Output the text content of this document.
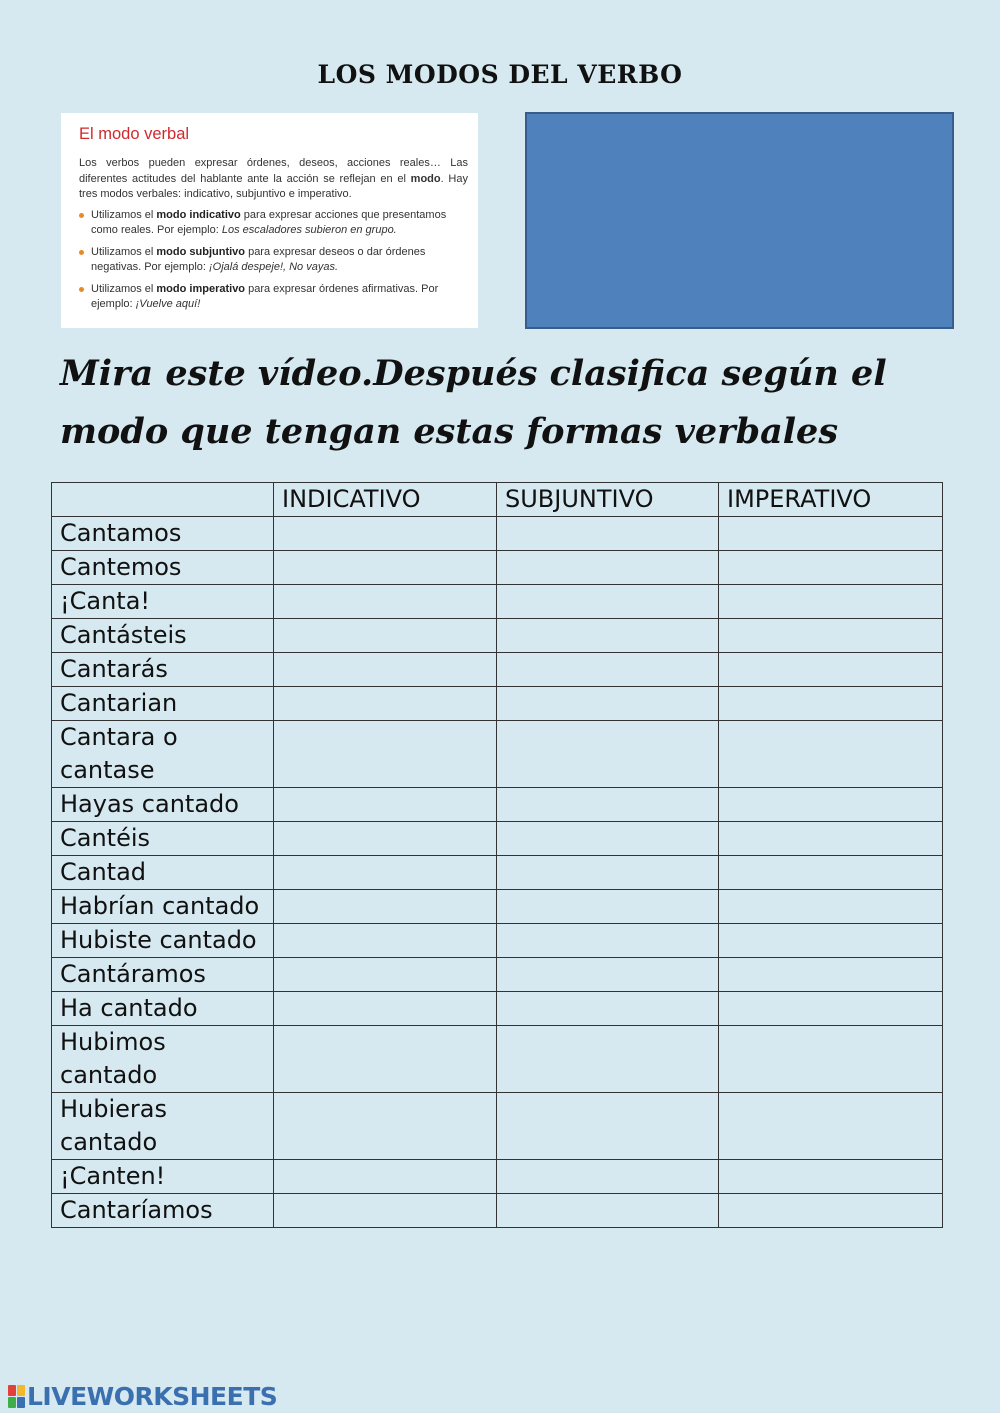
LOS MODOS DEL VERBO

El modo verbal

Los verbos pueden expresar órdenes, deseos, acciones reales… Las diferentes actitudes del hablante ante la acción se reflejan en el modo. Hay tres modos verbales: indicativo, subjuntivo e imperativo.

Utilizamos el modo indicativo para expresar acciones que presentamos como reales. Por ejemplo: Los escaladores subieron en grupo.
Utilizamos el modo subjuntivo para expresar deseos o dar órdenes negativas. Por ejemplo: ¡Ojalá despeje!, No vayas.
Utilizamos el modo imperativo para expresar órdenes afirmativas. Por ejemplo: ¡Vuelve aquí!

Mira este vídeo.Después clasifica según el modo que tengan estas formas verbales

	INDICATIVO	SUBJUNTIVO	IMPERATIVO
Cantamos			
Cantemos			
¡Canta!			
Cantásteis			
Cantarás			
Cantarian			
Cantara o cantase			
Hayas cantado			
Cantéis			
Cantad			
Habrían cantado			
Hubiste cantado			
Cantáramos			
Ha cantado			
Hubimos cantado			
Hubieras cantado			
¡Canten!			
Cantaríamos			
LIVEWORKSHEETS
